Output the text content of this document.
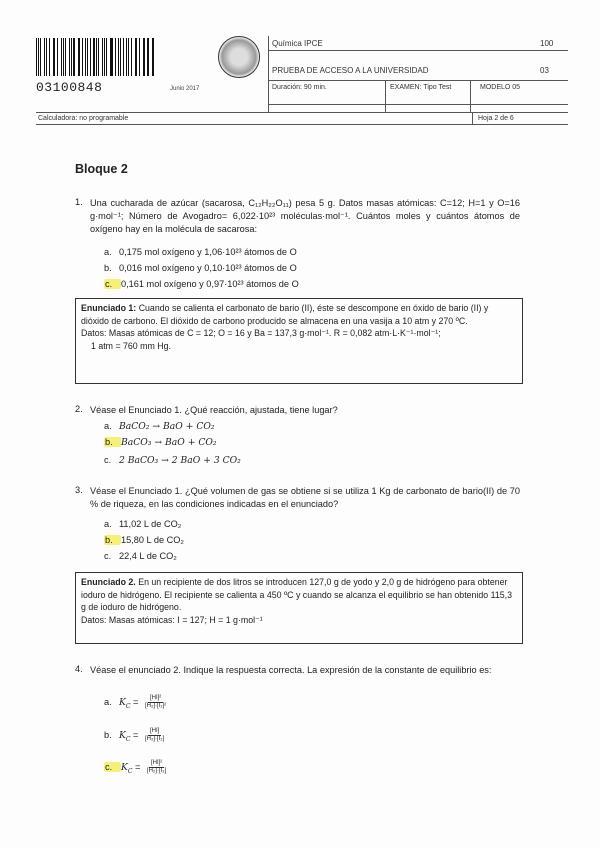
03100848	Junio 2017
Química IPCE	100
PRUEBA DE ACCESO A LA UNIVERSIDAD	03
Duración: 90 min.	EXAMEN: Tipo Test	MODELO 05
Calculadora: no programable	Hoja 2 de 6
Bloque 2
1. Una cucharada de azúcar (sacarosa, C₁₂H₂₂O₁₁) pesa 5 g. Datos masas atómicas: C=12; H=1 y O=16 g·mol⁻¹; Número de Avogadro= 6,022·10²³ moléculas·mol⁻¹. Cuántos moles y cuántos átomos de oxígeno hay en la molécula de sacarosa:
a. 0,175 mol oxígeno y 1,06·10²³ átomos de O
b. 0,016 mol oxígeno y 0,10·10²³ átomos de O
c. 0,161 mol oxígeno y 0,97·10²³ átomos de O
Enunciado 1: Cuando se calienta el carbonato de bario (II), éste se descompone en óxido de bario (II) y dióxido de carbono. El dióxido de carbono producido se almacena en una vasija a 10 atm y 270 ºC.
Datos: Masas atómicas de C = 12; O = 16 y Ba = 137,3 g·mol⁻¹. R = 0,082 atm·L·K⁻¹·mol⁻¹;
1 atm = 760 mm Hg.
2. Véase el Enunciado 1. ¿Qué reacción, ajustada, tiene lugar?
a. BaCO₂ → BaO + CO₂
b. BaCO₃ → BaO + CO₂
c. 2 BaCO₃ → 2 BaO + 3 CO₂
3. Véase el Enunciado 1. ¿Qué volumen de gas se obtiene si se utiliza 1 Kg de carbonato de bario(II) de 70 % de riqueza, en las condiciones indicadas en el enunciado?
a. 11,02 L de CO₂
b. 15,80 L de CO₂
c. 22,4 L de CO₂
Enunciado 2. En un recipiente de dos litros se introducen 127,0 g de yodo y 2,0 g de hidrógeno para obtener ioduro de hidrógeno. El recipiente se calienta a 450 ºC y cuando se alcanza el equilibrio se han obtenido 115,3 g de ioduro de hidrógeno.
Datos: Masas atómicas: I = 127; H = 1 g·mol⁻¹
4. Véase el enunciado 2. Indique la respuesta correcta. La expresión de la constante de equilibrio es:
a. $K_C = \frac{\text{[HI]²}}{\text{[H₂]·[I₂]²}}$
b. $K_C = \frac{[HI]}{\text{[H₂]·[I₂]}}$
c. $K_C = \frac{\text{[HI]²}}{\text{[H₂]·[I₂]}}$
